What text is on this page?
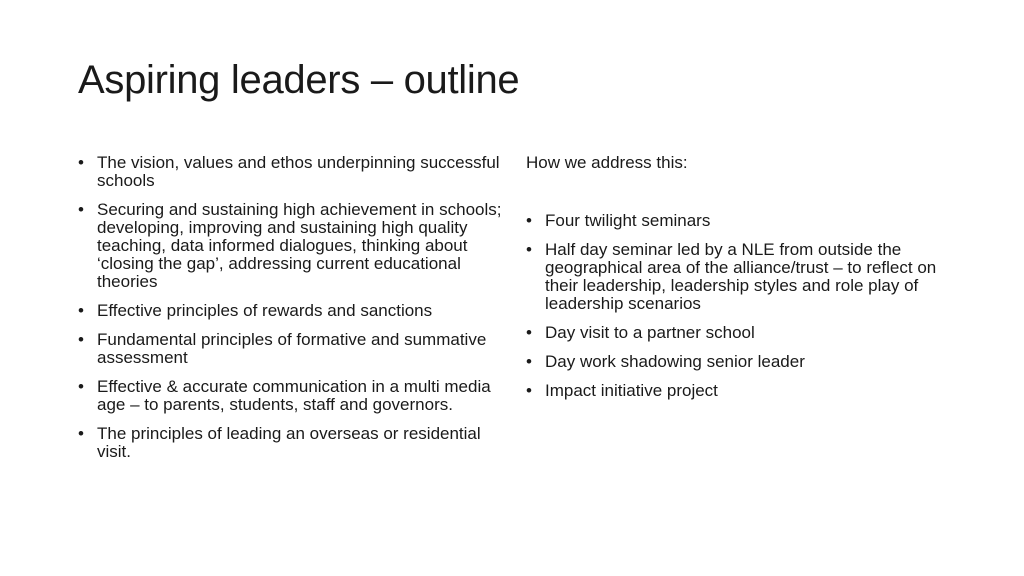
Aspiring leaders – outline
• The vision, values and ethos underpinning successful schools
• Securing and sustaining high achievement in schools; developing, improving and sustaining high quality teaching, data informed dialogues, thinking about ‘closing the gap’, addressing current educational theories
• Effective principles of rewards and sanctions
• Fundamental principles of formative and summative assessment
• Effective & accurate communication in a multi media age – to parents, students, staff and governors.
• The principles of leading an overseas or residential visit.
How we address this:
• Four twilight seminars
• Half day seminar led by a NLE from outside the geographical area of the alliance/trust – to reflect on their leadership, leadership styles and role play of leadership scenarios
• Day visit to a partner school
• Day work shadowing senior leader
• Impact initiative project
